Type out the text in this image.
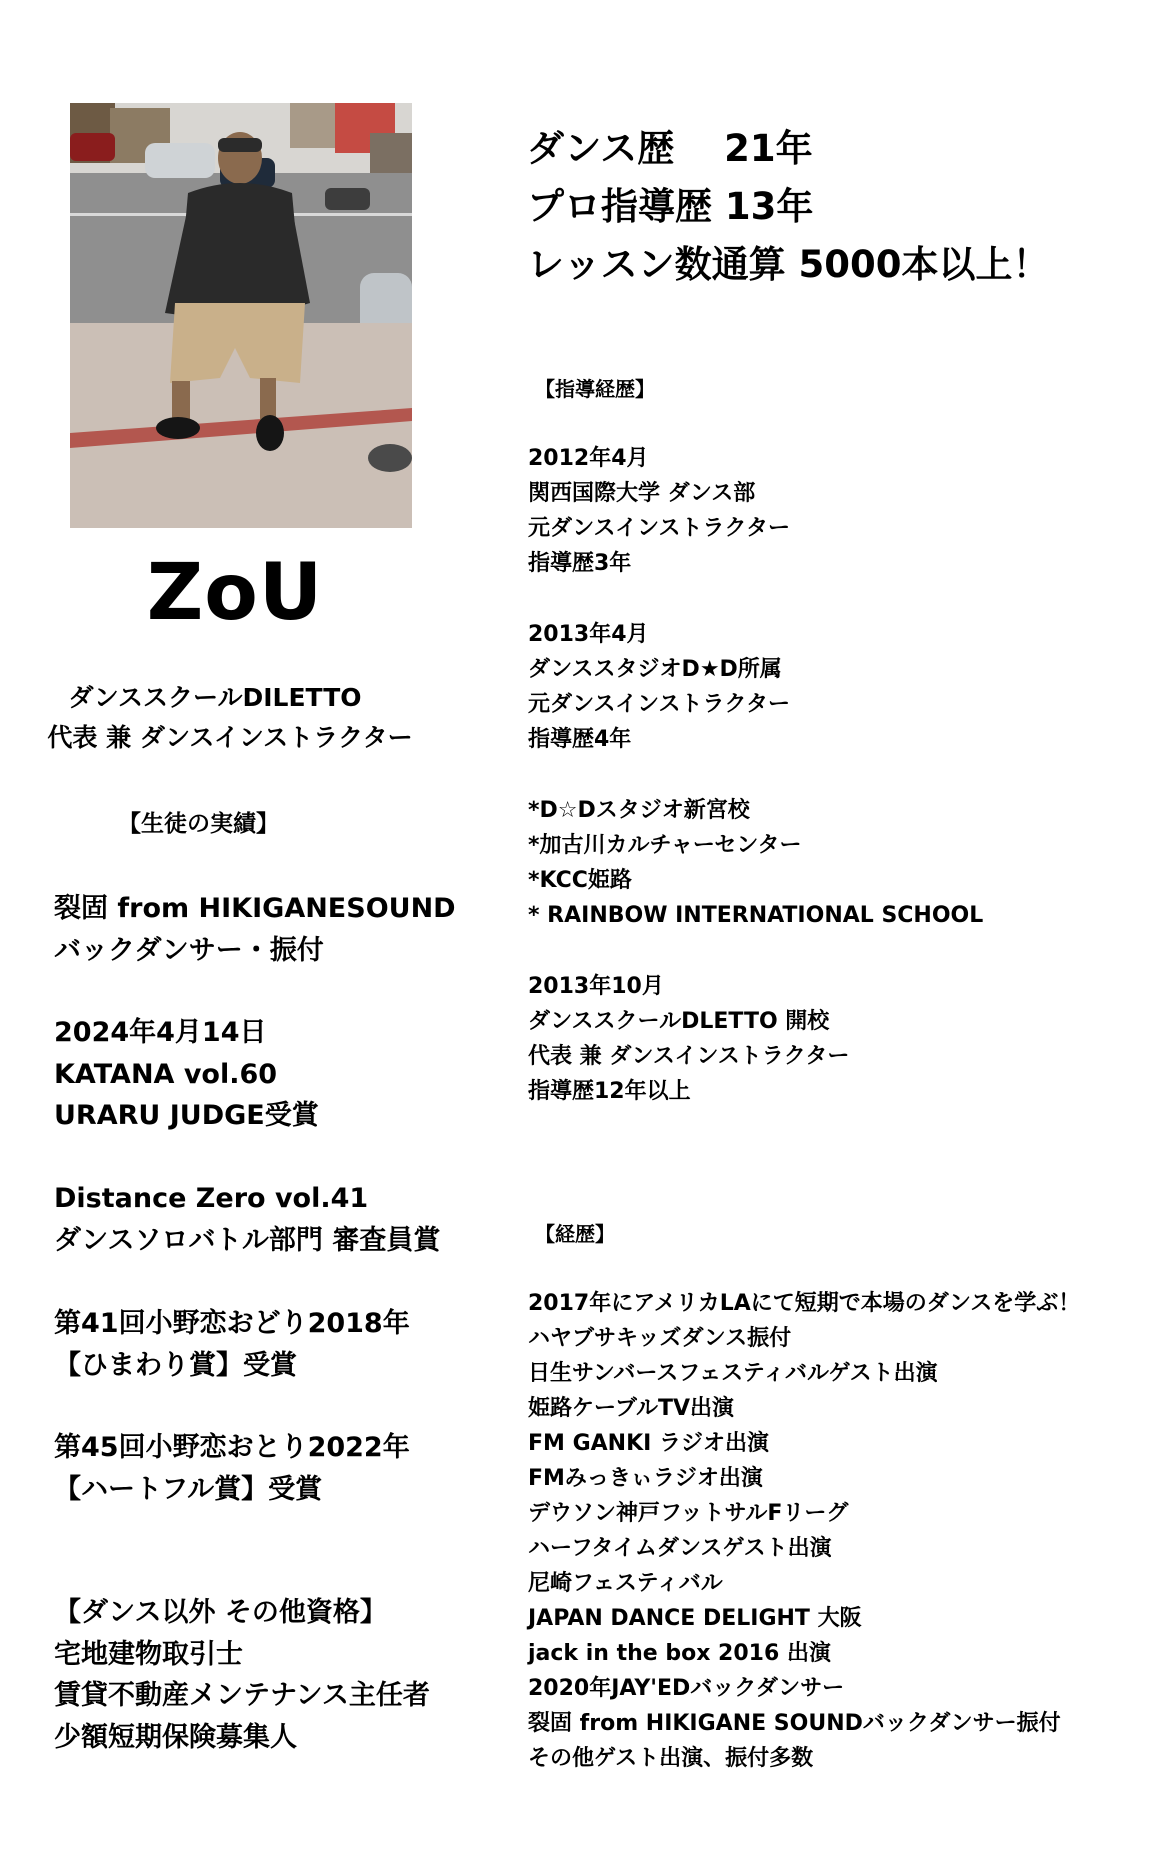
ZoU
ダンススクールDILETTO
代表 兼 ダンスインストラクター
【生徒の実績】
裂固 from HIKIGANESOUND
バックダンサー・振付
2024年4月14日
KATANA vol.60
URARU JUDGE受賞
Distance Zero vol.41
ダンスソロバトル部門 審査員賞
第41回小野恋おどり2018年
【ひまわり賞】受賞
第45回小野恋おとり2022年
【ハートフル賞】受賞
【ダンス以外 その他資格】
宅地建物取引士
賃貸不動産メンテナンス主任者
少額短期保険募集人
ダンス歴　 21年
プロ指導歴 13年
レッスン数通算 5000本以上！
【指導経歴】
2012年4月
関西国際大学 ダンス部
元ダンスインストラクター
指導歴3年
2013年4月
ダンススタジオD★D所属
元ダンスインストラクター
指導歴4年
*D☆Dスタジオ新宮校
*加古川カルチャーセンター
*KCC姫路
* RAINBOW INTERNATIONAL SCHOOL
2013年10月
ダンススクールDLETTO 開校
代表 兼 ダンスインストラクター
指導歴12年以上
【経歴】
2017年にアメリカLAにて短期で本場のダンスを学ぶ！
ハヤブサキッズダンス振付
日生サンバースフェスティバルゲスト出演
姫路ケーブルTV出演
FM GANKI ラジオ出演
FMみっきぃラジオ出演
デウソン神戸フットサルFリーグ
ハーフタイムダンスゲスト出演
尼崎フェスティバル
JAPAN DANCE DELIGHT 大阪
jack in the box 2016 出演
2020年JAY'EDバックダンサー
裂固 from HIKIGANE SOUNDバックダンサー振付
その他ゲスト出演、振付多数
